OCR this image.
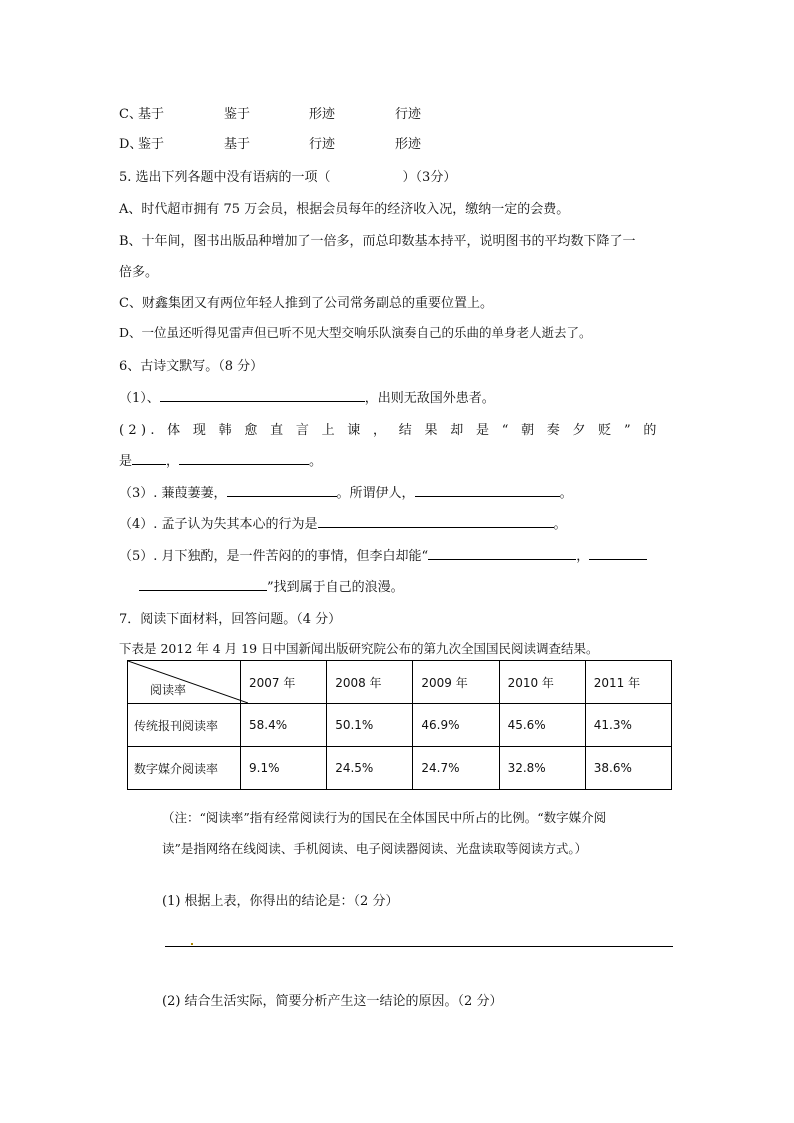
C、
基于	鉴于	形迹	行迹
D、
鉴于	基于	行迹	形迹
5. 选出下列各题中没有语病的一项（	）（3分）
A、时代超市拥有 75 万会员，根据会员每年的经济收入况，缴纳一定的会费。
B、十年间，图书出版品种增加了一倍多，而总印数基本持平，说明图书的平均数下降了一
倍多。
C、财鑫集团又有两位年轻人推到了公司常务副总的重要位置上。
D、一位虽还听得见雷声但已听不见大型交响乐队演奏自己的乐曲的单身老人逝去了。
6、古诗文默写。（8 分）
（1）、	，出则无敌国外患者。
(2). 体 现 韩 愈 直 言 上 谏 ， 结 果 却 是 “ 朝 奏 夕 贬 ” 的
是	，	。
（3）. 蒹葭萋萋，	。所谓伊人，	。
（4）. 孟子认为失其本心的行为是	。
（5）. 月下独酌，是一件苦闷的的事情，但李白却能“	，
”找到属于自己的浪漫。
7．阅读下面材料，回答问题。（4 分）
下表是 2012 年 4 月 19 日中国新闻出版研究院公布的第九次全国国民阅读调查结果。
阅读率	2007 年	2008 年	2009 年	2010 年	2011 年
传统报刊阅读率	58.4%	50.1%	46.9%	45.6%	41.3%
数字媒介阅读率	9.1%	24.5%	24.7%	32.8%	38.6%
（注：“阅读率”指有经常阅读行为的国民在全体国民中所占的比例。“数字媒介阅
读”是指网络在线阅读、手机阅读、电子阅读器阅读、光盘读取等阅读方式。）
(1) 根据上表，你得出的结论是：（2 分）
(2) 结合生活实际，简要分析产生这一结论的原因。（2 分）
